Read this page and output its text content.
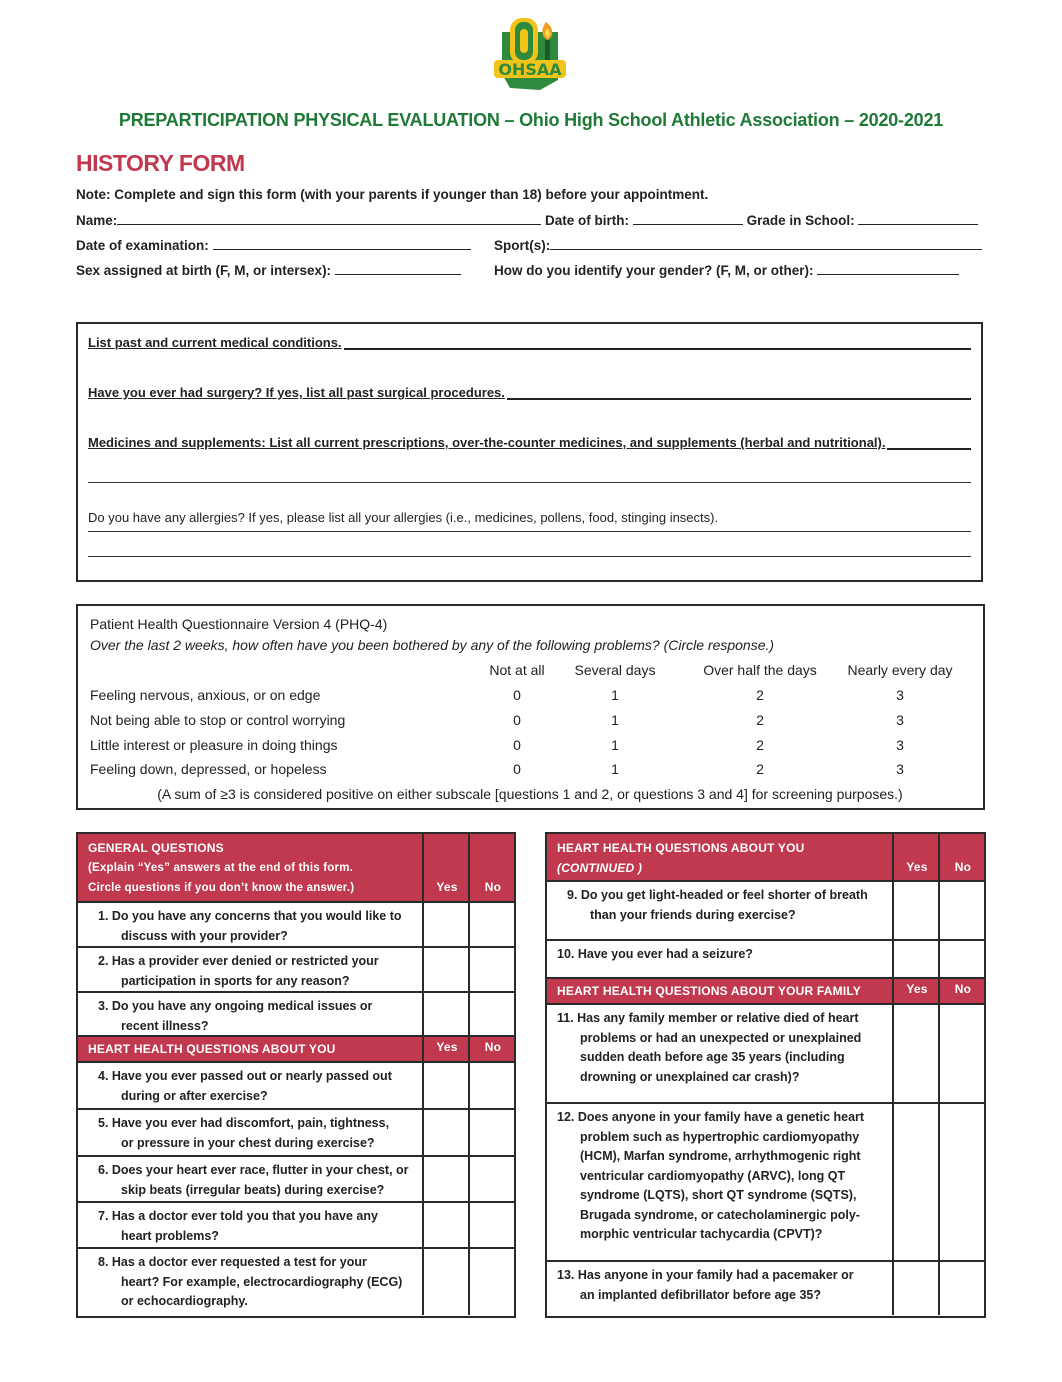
OHSAA
PREPARTICIPATION PHYSICAL EVALUATION – Ohio High School Athletic Association – 2020-2021
HISTORY FORM
Note: Complete and sign this form (with your parents if younger than 18) before your appointment.
Name:	Date of birth:	Grade in School:
Date of examination:	Sport(s):
Sex assigned at birth (F, M, or intersex):	How do you identify your gender? (F, M, or other):
List past and current medical conditions.
Have you ever had surgery? If yes, list all past surgical procedures.
Medicines and supplements: List all current prescriptions, over-the-counter medicines, and supplements (herbal and nutritional).
Do you have any allergies? If yes, please list all your allergies (i.e., medicines, pollens, food, stinging insects).
Patient Health Questionnaire Version 4 (PHQ-4)
Over the last 2 weeks, how often have you been bothered by any of the following problems? (Circle response.)
Not at all	Several days	Over half the days	Nearly every day
Feeling nervous, anxious, or on edge	0	1	2	3
Not being able to stop or control worrying	0	1	2	3
Little interest or pleasure in doing things	0	1	2	3
Feeling down, depressed, or hopeless	0	1	2	3
(A sum of ≥3 is considered positive on either subscale [questions 1 and 2, or questions 3 and 4] for screening purposes.)
GENERAL QUESTIONS
(Explain “Yes” answers at the end of this form.
Circle questions if you don’t know the answer.)	Yes	No
1. Do you have any concerns that you would like to
discuss with your provider?
2. Has a provider ever denied or restricted your
participation in sports for any reason?
3. Do you have any ongoing medical issues or
recent illness?
HEART HEALTH QUESTIONS ABOUT YOU	Yes	No
4. Have you ever passed out or nearly passed out
during or after exercise?
5. Have you ever had discomfort, pain, tightness,
or pressure in your chest during exercise?
6. Does your heart ever race, flutter in your chest, or
skip beats (irregular beats) during exercise?
7. Has a doctor ever told you that you have any
heart problems?
8. Has a doctor ever requested a test for your
heart? For example, electrocardiography (ECG)
or echocardiography.
HEART HEALTH QUESTIONS ABOUT YOU
(CONTINUED )	Yes	No
9. Do you get light-headed or feel shorter of breath
than your friends during exercise?
10. Have you ever had a seizure?
HEART HEALTH QUESTIONS ABOUT YOUR FAMILY	Yes	No
11. Has any family member or relative died of heart
problems or had an unexpected or unexplained
sudden death before age 35 years (including
drowning or unexplained car crash)?
12. Does anyone in your family have a genetic heart
problem such as hypertrophic cardiomyopathy
(HCM), Marfan syndrome, arrhythmogenic right
ventricular cardiomyopathy (ARVC), long QT
syndrome (LQTS), short QT syndrome (SQTS),
Brugada syndrome, or catecholaminergic poly-
morphic ventricular tachycardia (CPVT)?
13. Has anyone in your family had a pacemaker or
an implanted defibrillator before age 35?
